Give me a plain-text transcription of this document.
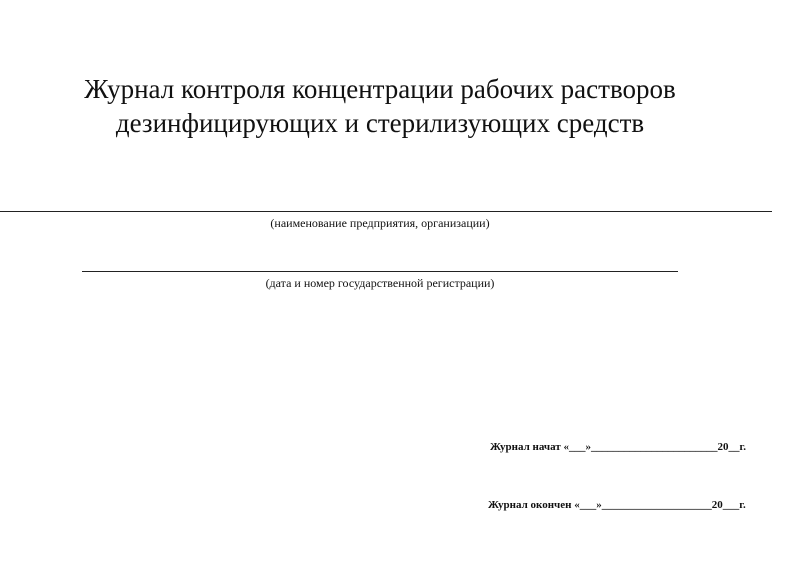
Журнал контроля концентрации рабочих растворов
дезинфицирующих и стерилизующих средств
(наименование предприятия, организации)
(дата и номер государственной регистрации)
Журнал начат «___»_______________________20__г.
Журнал окончен «___»____________________20___г.
